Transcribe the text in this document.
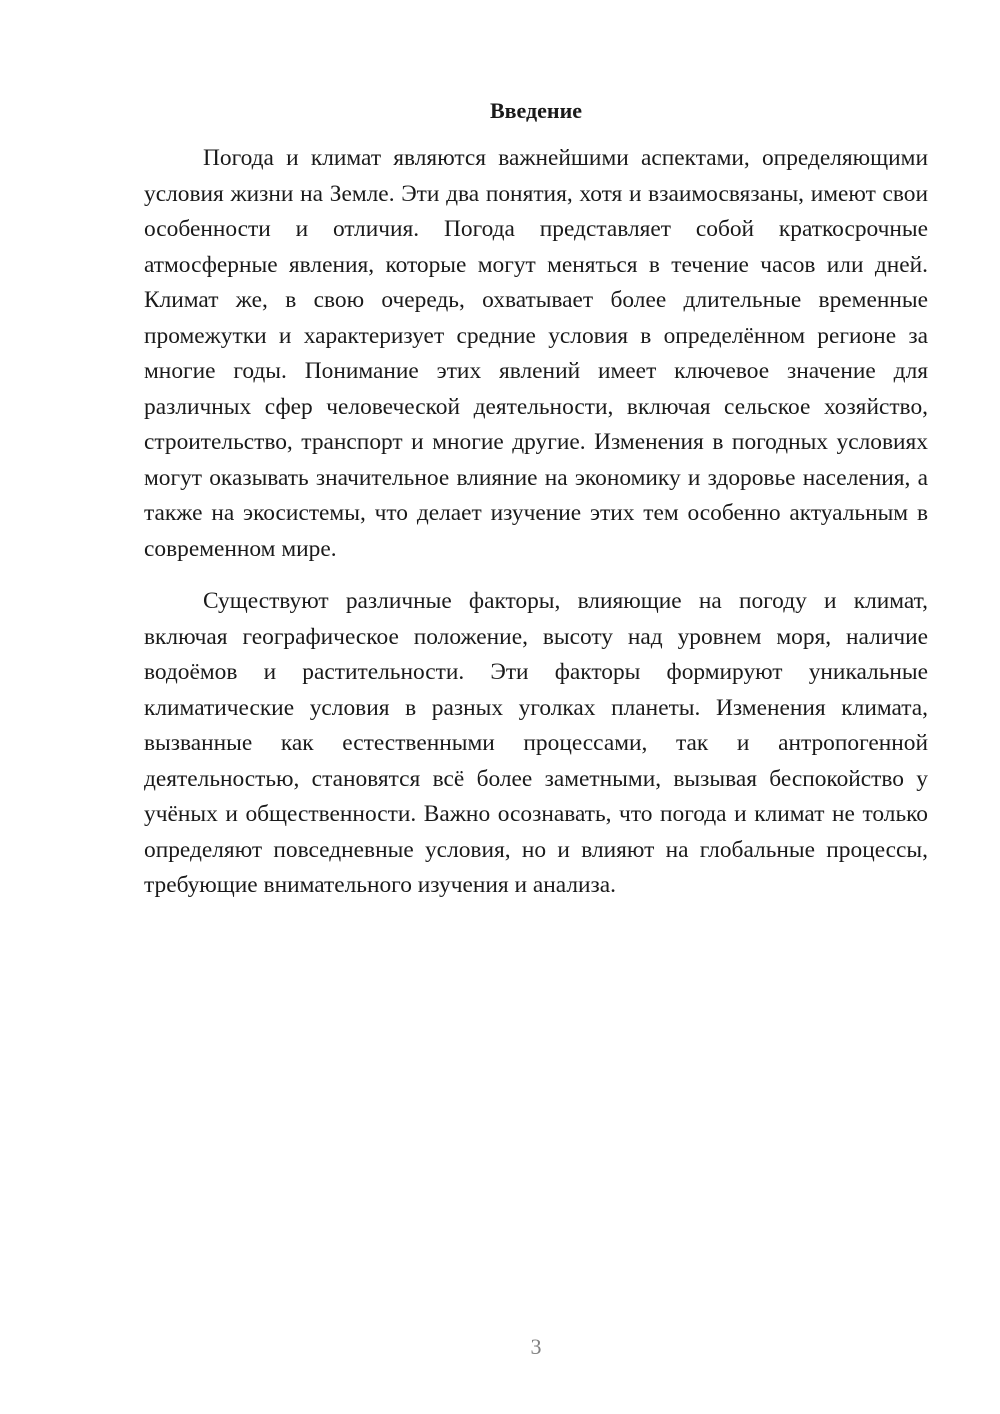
Введение

Погода и климат являются важнейшими аспектами, определяющими условия жизни на Земле. Эти два понятия, хотя и взаимосвязаны, имеют свои особенности и отличия. Погода представляет собой краткосрочные атмосферные явления, которые могут меняться в течение часов или дней. Климат же, в свою очередь, охватывает более длительные временные промежутки и характеризует средние условия в определённом регионе за многие годы. Понимание этих явлений имеет ключевое значение для различных сфер человеческой деятельности, включая сельское хозяйство, строительство, транспорт и многие другие. Изменения в погодных условиях могут оказывать значительное влияние на экономику и здоровье населения, а также на экосистемы, что делает изучение этих тем особенно актуальным в современном мире.

Существуют различные факторы, влияющие на погоду и климат, включая географическое положение, высоту над уровнем моря, наличие водоёмов и растительности. Эти факторы формируют уникальные климатические условия в разных уголках планеты. Изменения климата, вызванные как естественными процессами, так и антропогенной деятельностью, становятся всё более заметными, вызывая беспокойство у учёных и общественности. Важно осознавать, что погода и климат не только определяют повседневные условия, но и влияют на глобальные процессы, требующие внимательного изучения и анализа.

3
